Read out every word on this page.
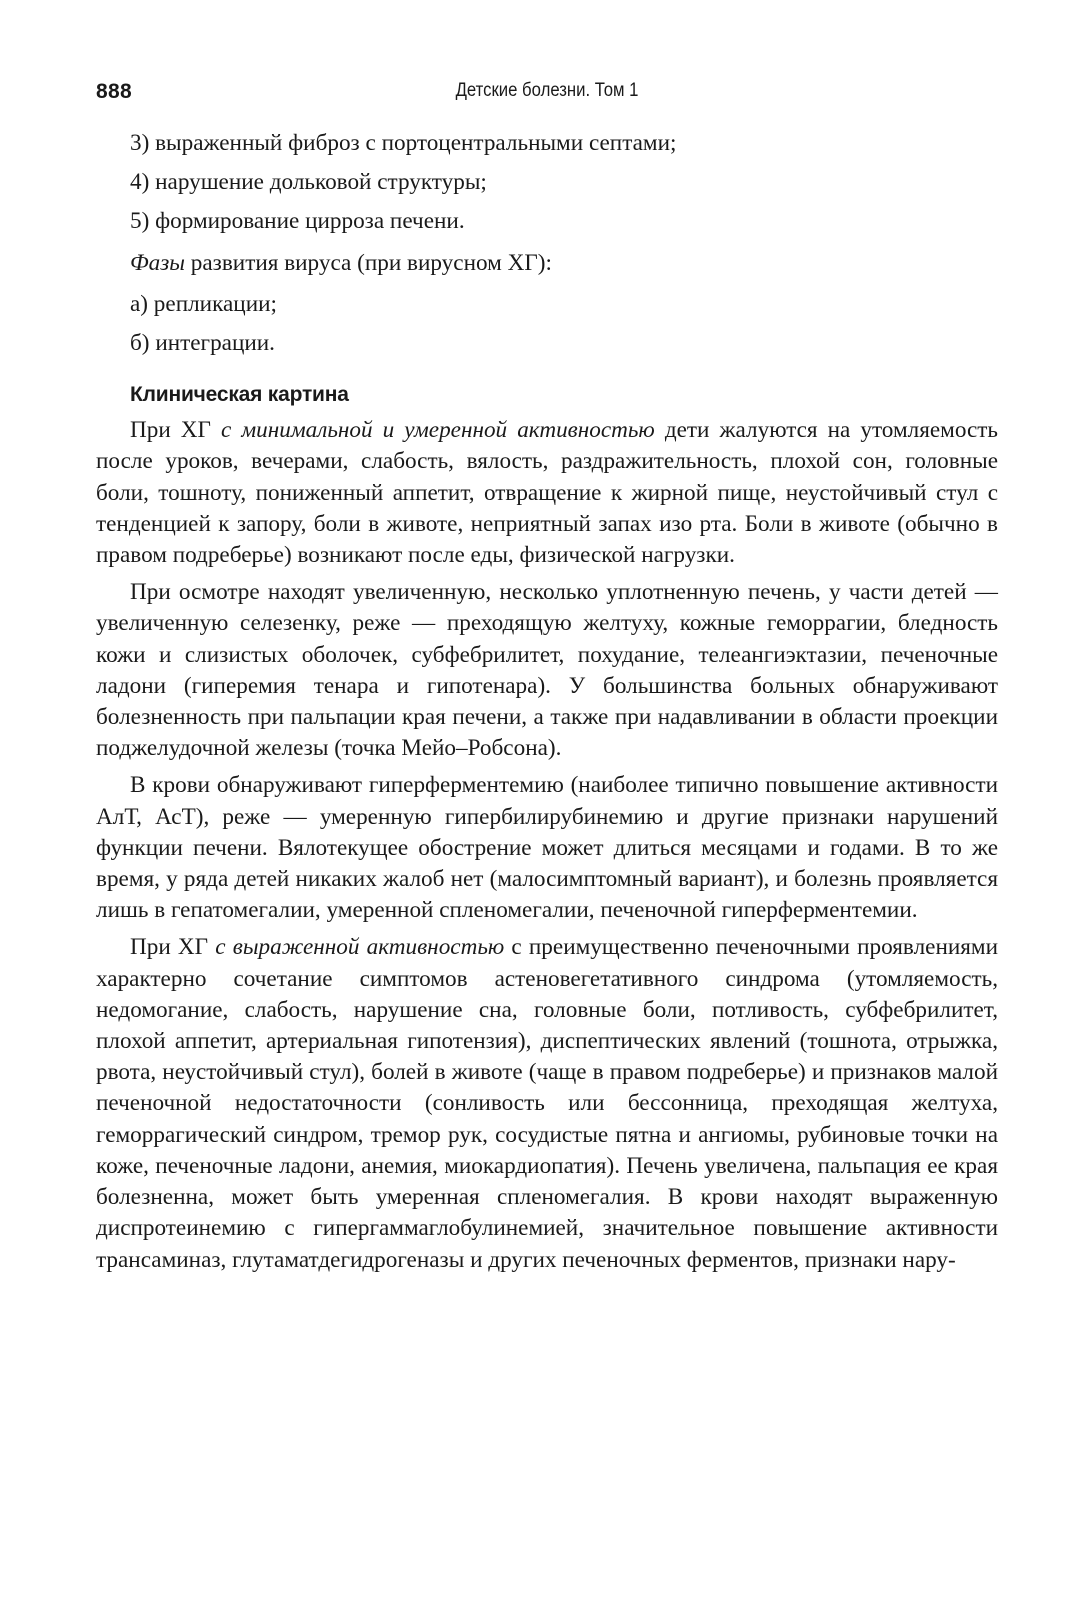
888	Детские болезни. Том 1
3) выраженный фиброз с портоцентральными септами;
4) нарушение дольковой структуры;
5) формирование цирроза печени.
Фазы развития вируса (при вирусном ХГ):
а) репликации;
б) интеграции.
Клиническая картина

При ХГ с минимальной и умеренной активностью дети жалуются на утомляемость после уроков, вечерами, слабость, вялость, раздражительность, плохой сон, головные боли, тошноту, пониженный аппетит, отвращение к жирной пище, неустойчивый стул с тенденцией к запору, боли в животе, неприятный запах изо рта. Боли в животе (обычно в правом подреберье) возникают после еды, физической нагрузки.

При осмотре находят увеличенную, несколько уплотненную печень, у части детей — увеличенную селезенку, реже — преходящую желтуху, кожные геморрагии, бледность кожи и слизистых оболочек, субфебрилитет, похудание, телеангиэктазии, печеночные ладони (гиперемия тенара и гипотенара). У большинства больных обнаруживают болезненность при пальпации края печени, а также при надавливании в области проекции поджелудочной железы (точка Мейо–Робсона).

В крови обнаруживают гиперферментемию (наиболее типично повышение активности АлТ, АсТ), реже — умеренную гипербилирубинемию и другие признаки нарушений функции печени. Вялотекущее обострение может длиться месяцами и годами. В то же время, у ряда детей никаких жалоб нет (малосимптомный вариант), и болезнь проявляется лишь в гепатомегалии, умеренной спленомегалии, печеночной гиперферментемии.

При ХГ с выраженной активностью с преимущественно печеночными проявлениями характерно сочетание симптомов астеновегетативного синдрома (утомляемость, недомогание, слабость, нарушение сна, головные боли, потливость, субфебрилитет, плохой аппетит, артериальная гипотензия), диспептических явлений (тошнота, отрыжка, рвота, неустойчивый стул), болей в животе (чаще в правом подреберье) и признаков малой печеночной недостаточности (сонливость или бессонница, преходящая желтуха, геморрагический синдром, тремор рук, сосудистые пятна и ангиомы, рубиновые точки на коже, печеночные ладони, анемия, миокардиопатия). Печень увеличена, пальпация ее края болезненна, может быть умеренная спленомегалия. В крови находят выраженную диспротеинемию с гипергаммаглобулинемией, значительное повышение активности трансаминаз, глутаматдегидрогеназы и других печеночных ферментов, признаки нару-
